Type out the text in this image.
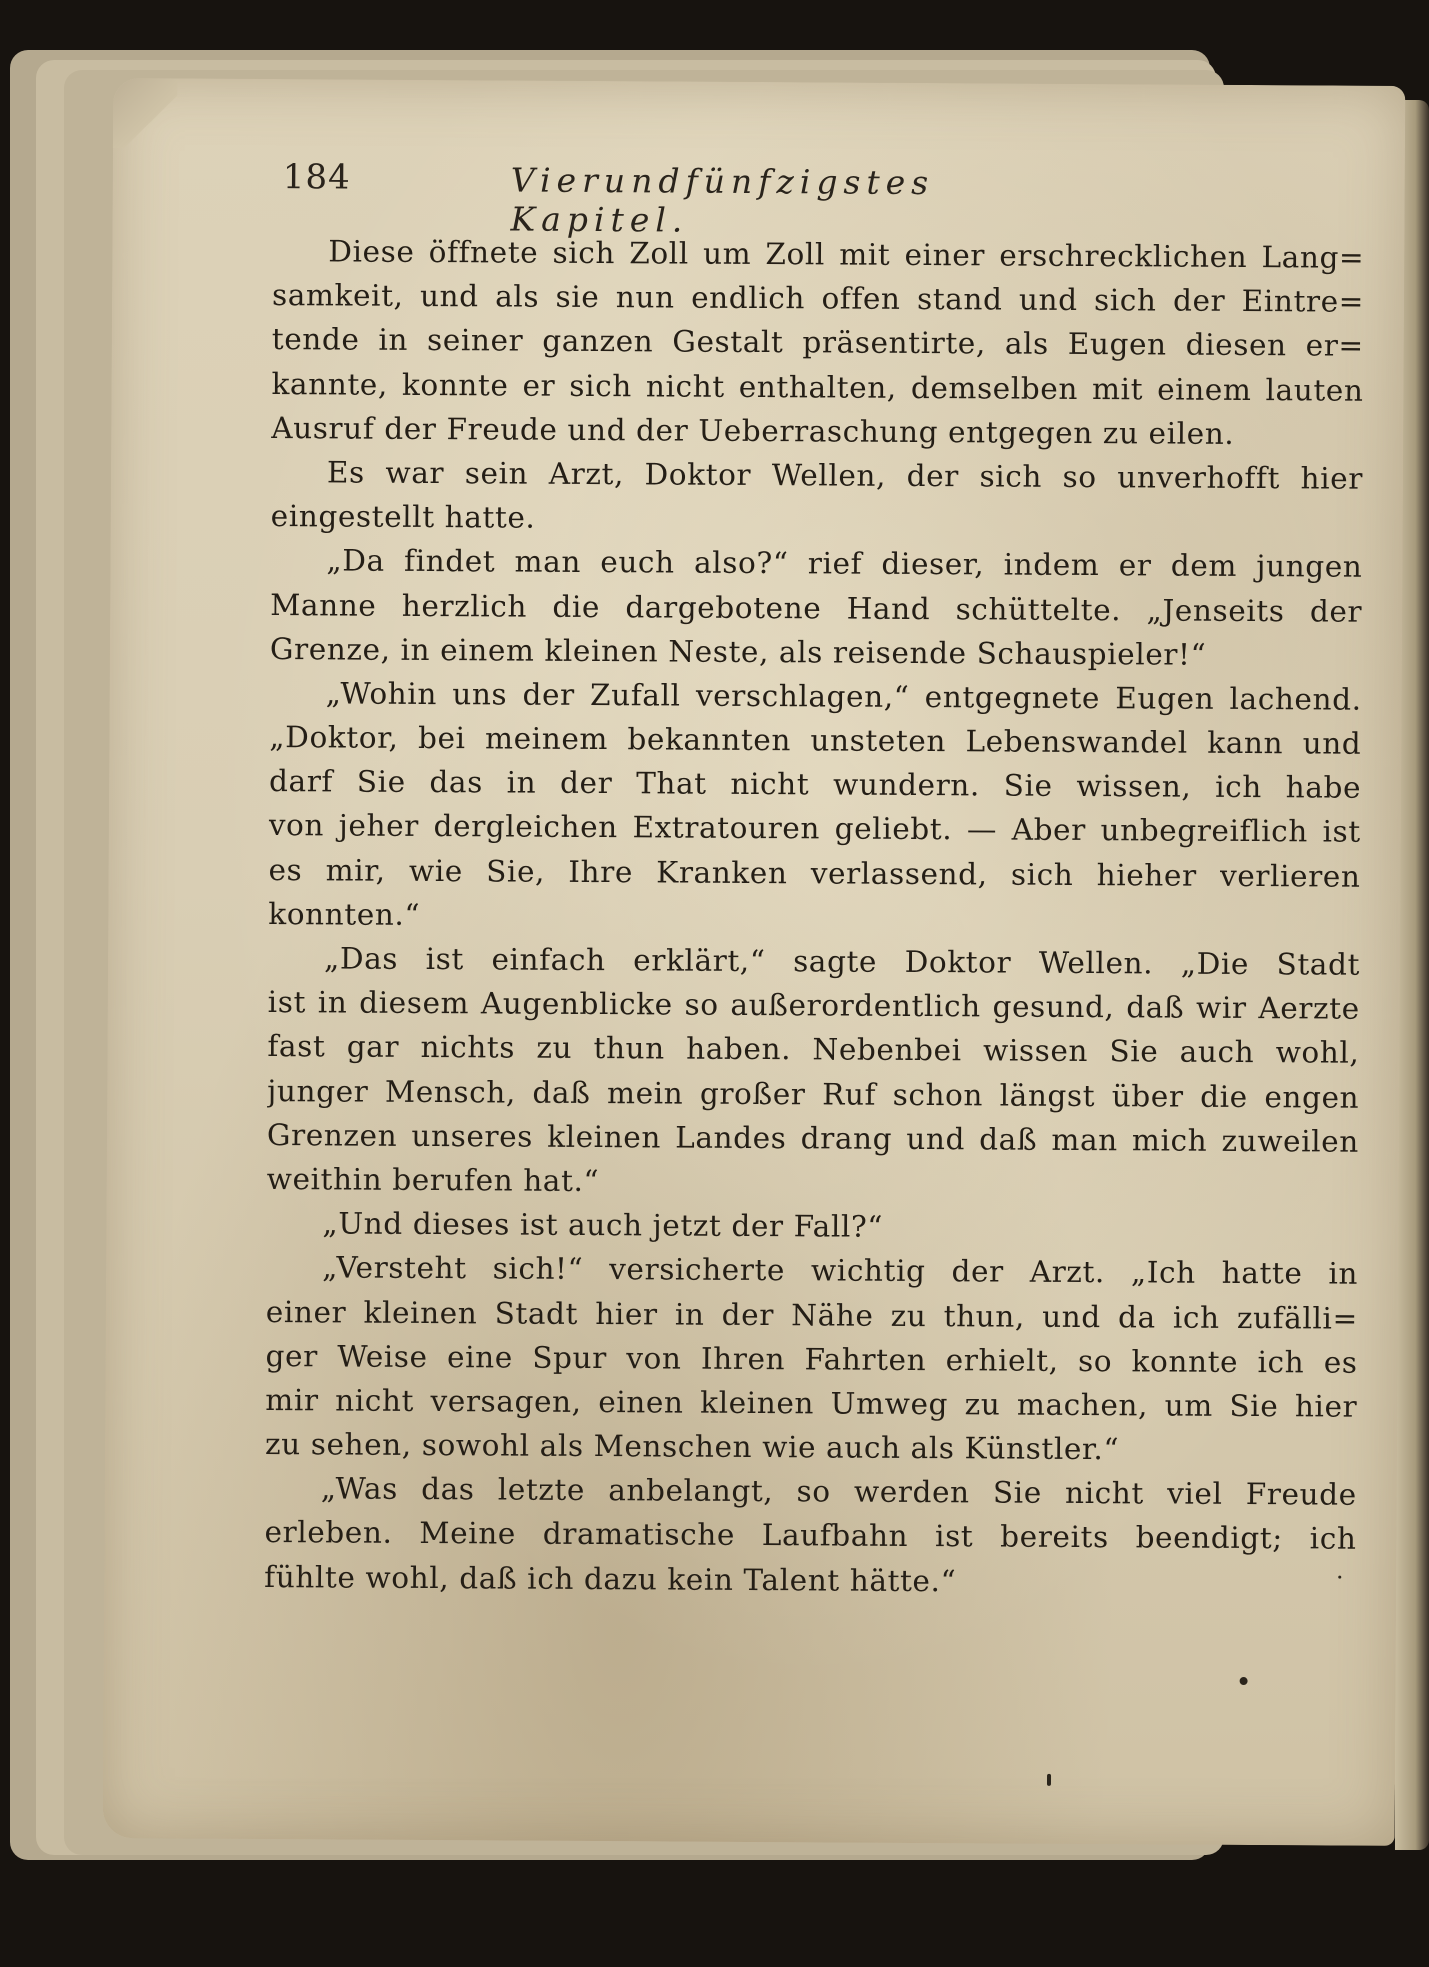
184	Vierundfünfzigstes Kapitel.
Diese öffnete sich Zoll um Zoll mit einer erschrecklichen Lang=
samkeit, und als sie nun endlich offen stand und sich der Eintre=
tende in seiner ganzen Gestalt präsentirte, als Eugen diesen er=
kannte, konnte er sich nicht enthalten, demselben mit einem lauten
Ausruf der Freude und der Ueberraschung entgegen zu eilen.
Es war sein Arzt, Doktor Wellen, der sich so unverhofft hier
eingestellt hatte.
„Da findet man euch also?“ rief dieser, indem er dem jungen
Manne herzlich die dargebotene Hand schüttelte. „Jenseits der
Grenze, in einem kleinen Neste, als reisende Schauspieler!“
„Wohin uns der Zufall verschlagen,“ entgegnete Eugen lachend.
„Doktor, bei meinem bekannten unsteten Lebenswandel kann und
darf Sie das in der That nicht wundern. Sie wissen, ich habe
von jeher dergleichen Extratouren geliebt. — Aber unbegreiflich ist
es mir, wie Sie, Ihre Kranken verlassend, sich hieher verlieren
konnten.“
„Das ist einfach erklärt,“ sagte Doktor Wellen. „Die Stadt
ist in diesem Augenblicke so außerordentlich gesund, daß wir Aerzte
fast gar nichts zu thun haben. Nebenbei wissen Sie auch wohl,
junger Mensch, daß mein großer Ruf schon längst über die engen
Grenzen unseres kleinen Landes drang und daß man mich zuweilen
weithin berufen hat.“
„Und dieses ist auch jetzt der Fall?“
„Versteht sich!“ versicherte wichtig der Arzt. „Ich hatte in
einer kleinen Stadt hier in der Nähe zu thun, und da ich zufälli=
ger Weise eine Spur von Ihren Fahrten erhielt, so konnte ich es
mir nicht versagen, einen kleinen Umweg zu machen, um Sie hier
zu sehen, sowohl als Menschen wie auch als Künstler.“
„Was das letzte anbelangt, so werden Sie nicht viel Freude
erleben. Meine dramatische Laufbahn ist bereits beendigt; ich
fühlte wohl, daß ich dazu kein Talent hätte.“
